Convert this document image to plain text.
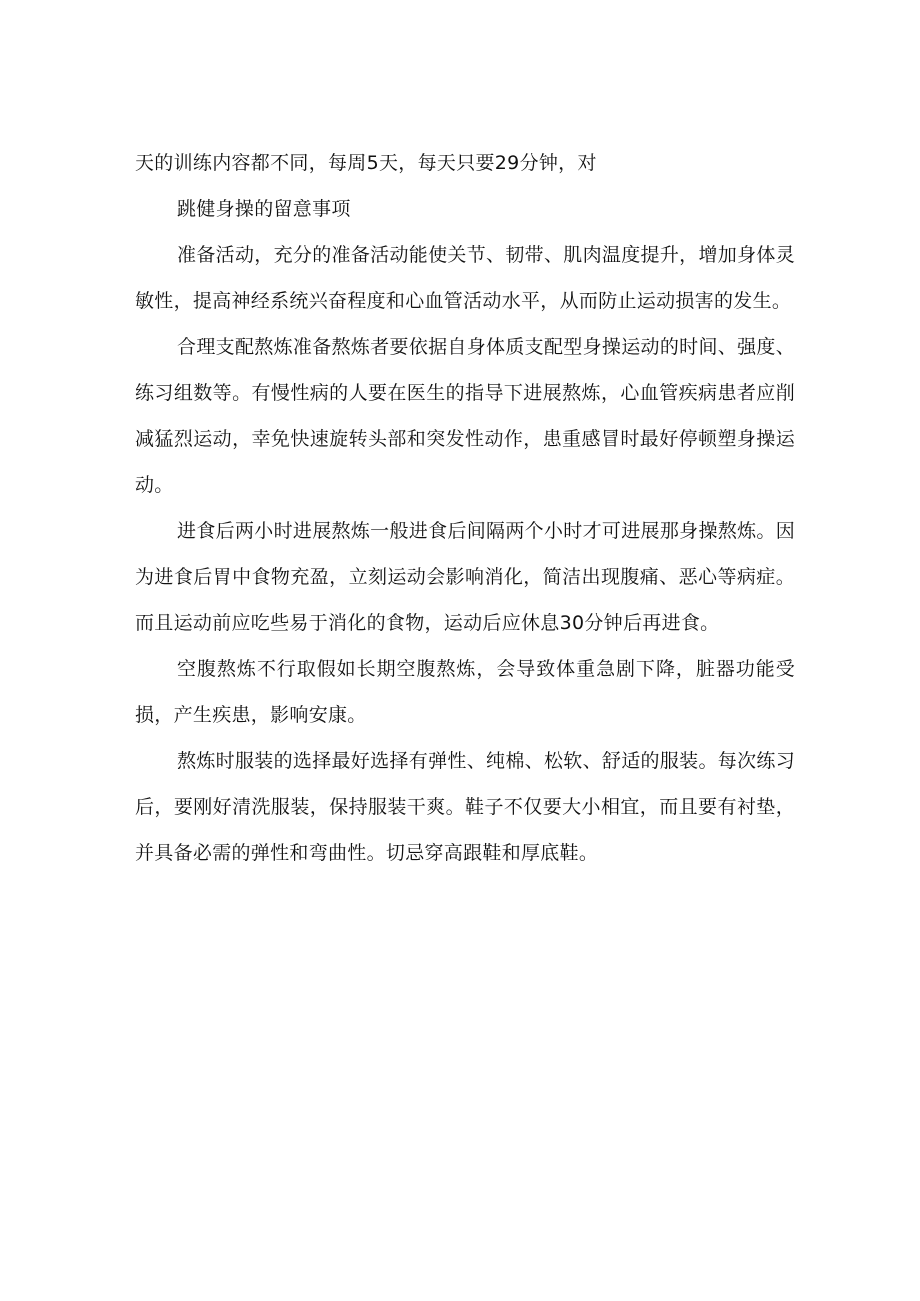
天的训练内容都不同，每周5天，每天只要29分钟，对

跳健身操的留意事项

准备活动，充分的准备活动能使关节、韧带、肌肉温度提升，增加身体灵敏性，提高神经系统兴奋程度和心血管活动水平，从而防止运动损害的发生。

合理支配熬炼准备熬炼者要依据自身体质支配型身操运动的时间、强度、练习组数等。有慢性病的人要在医生的指导下进展熬炼，心血管疾病患者应削减猛烈运动，幸免快速旋转头部和突发性动作，患重感冒时最好停顿塑身操运动。

进食后两小时进展熬炼一般进食后间隔两个小时才可进展那身操熬炼。因为进食后胃中食物充盈，立刻运动会影响消化，简洁出现腹痛、恶心等病症。而且运动前应吃些易于消化的食物，运动后应休息30分钟后再进食。

空腹熬炼不行取假如长期空腹熬炼，会导致体重急剧下降，脏器功能受损，产生疾患，影响安康。

熬炼时服装的选择最好选择有弹性、纯棉、松软、舒适的服装。每次练习后，要刚好清洗服装，保持服装干爽。鞋子不仅要大小相宜，而且要有衬垫，并具备必需的弹性和弯曲性。切忌穿高跟鞋和厚底鞋。
